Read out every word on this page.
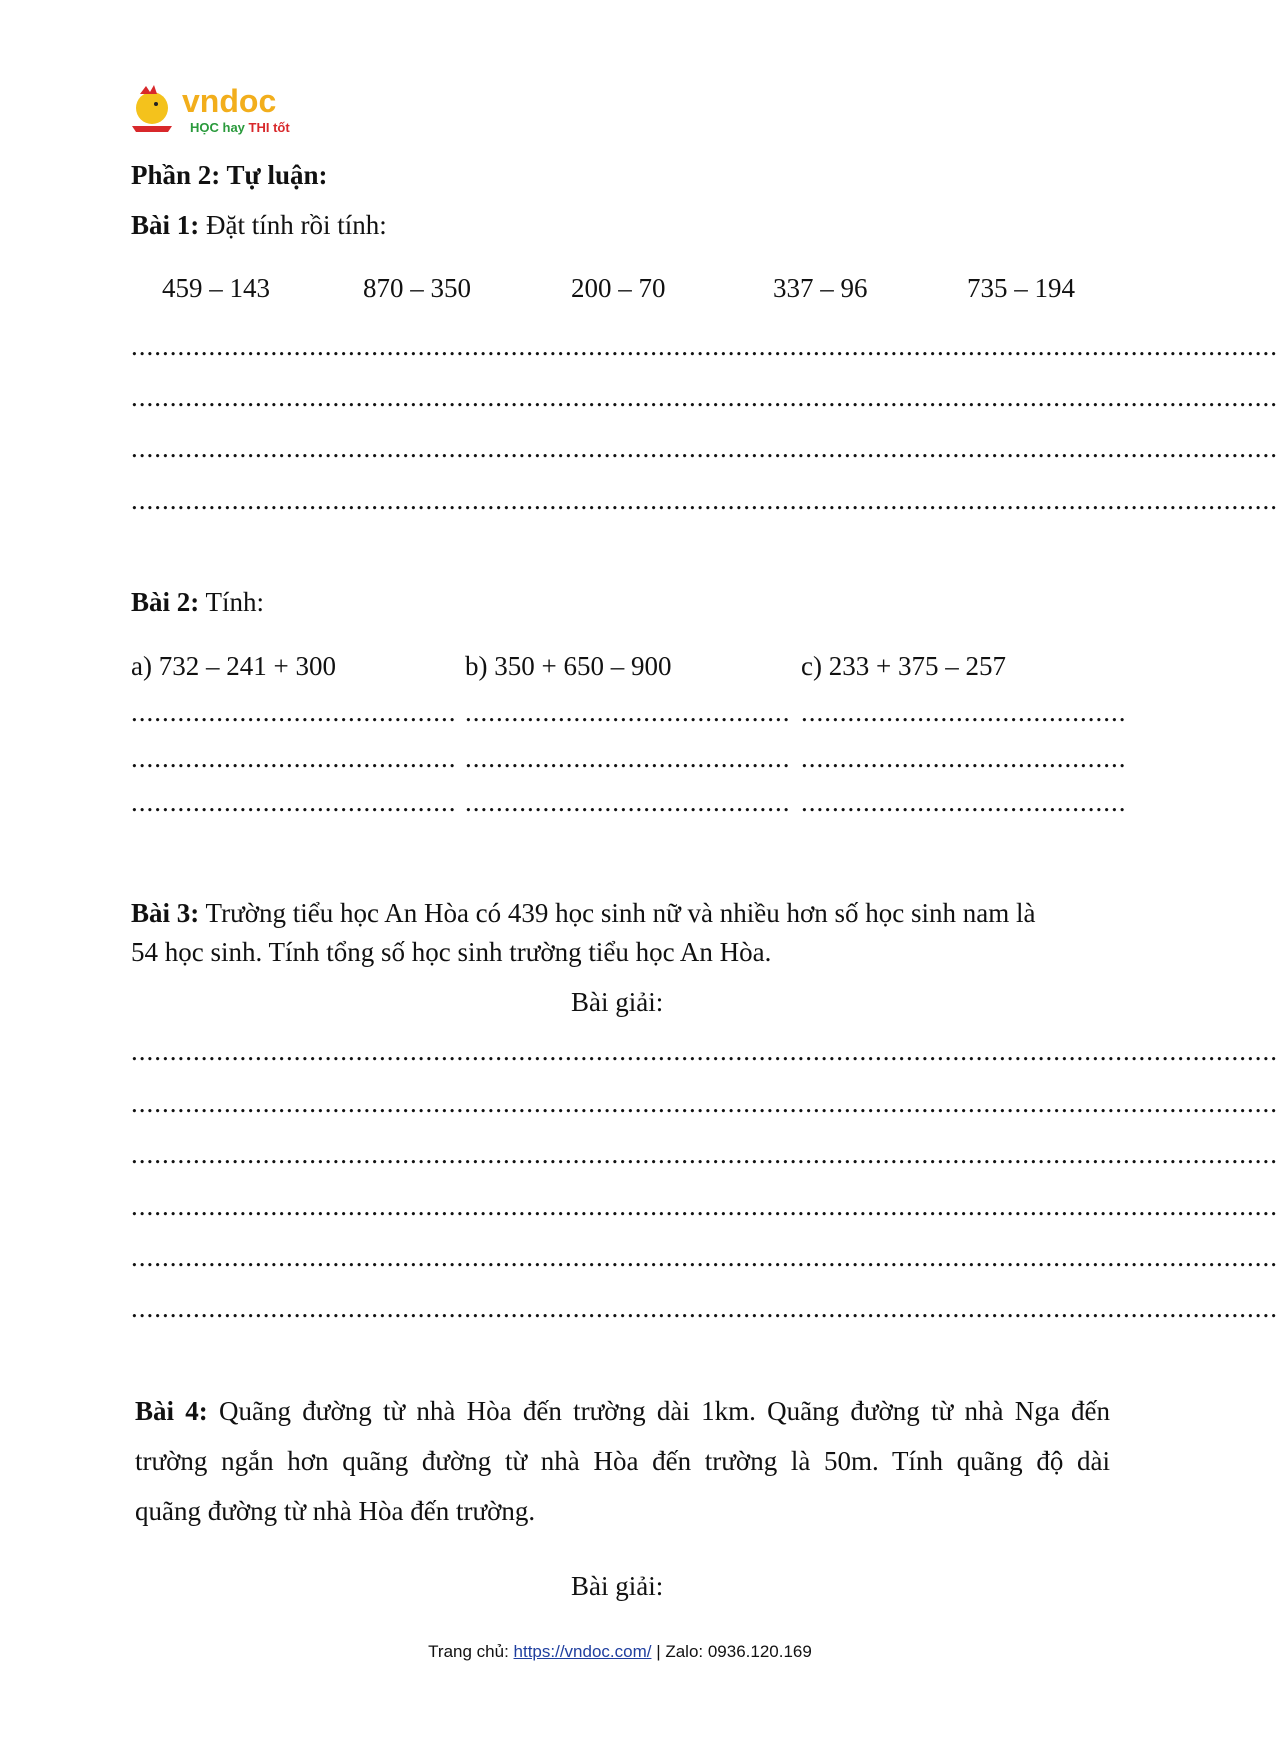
vndoc
HỌC hay THI tốt
Phần 2: Tự luận:
Bài 1: Đặt tính rồi tính:
459 – 143	870 – 350	200 – 70	337 – 96	735 – 194
....................................................................................................................................................
....................................................................................................................................................
....................................................................................................................................................
....................................................................................................................................................
Bài 2: Tính:
a) 732 – 241 + 300	b) 350 + 650 – 900	c) 233 + 375 – 257
.......................................... .......................................... ..........................................
.......................................... .......................................... ..........................................
.......................................... .......................................... ..........................................
Bài 3: Trường tiểu học An Hòa có 439 học sinh nữ và nhiều hơn số học sinh nam là
54 học sinh. Tính tổng số học sinh trường tiểu học An Hòa.
Bài giải:
....................................................................................................................................................
....................................................................................................................................................
....................................................................................................................................................
....................................................................................................................................................
....................................................................................................................................................
....................................................................................................................................................
Bài 4: Quãng đường từ nhà Hòa đến trường dài 1km. Quãng đường từ nhà Nga đến
trường ngắn hơn quãng đường từ nhà Hòa đến trường là 50m. Tính quãng độ dài
quãng đường từ nhà Hòa đến trường.
Bài giải:
Trang chủ: https://vndoc.com/ | Zalo: 0936.120.169
